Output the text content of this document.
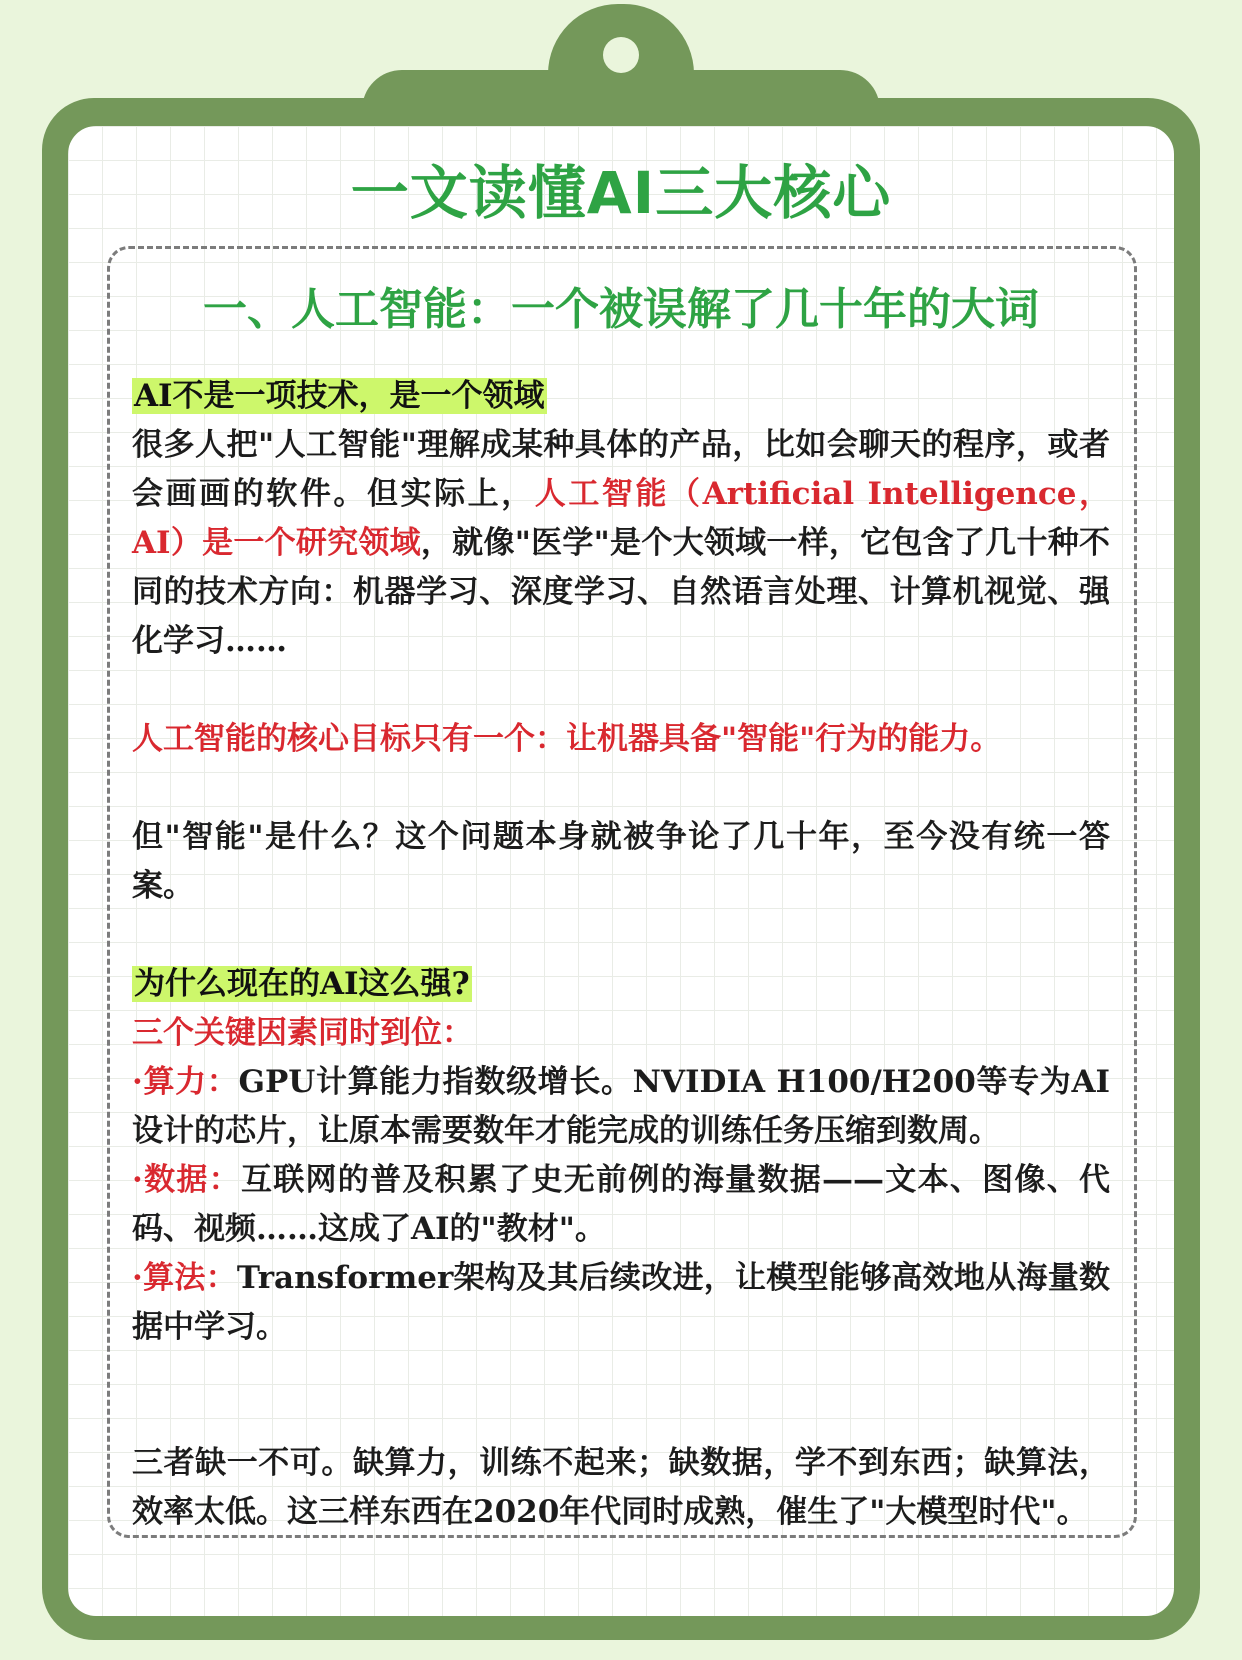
一文读懂AI三大核心
一、人工智能：一个被误解了几十年的大词

AI不是一项技术，是一个领域

很多人把"人工智能"理解成某种具体的产品，比如会聊天的程序，或者会画画的软件。但实际上，人工智能（Artificial Intelligence，AI）是一个研究领域，就像"医学"是个大领域一样，它包含了几十种不同的技术方向：机器学习、深度学习、自然语言处理、计算机视觉、强化学习……

人工智能的核心目标只有一个：让机器具备"智能"行为的能力。

但"智能"是什么？这个问题本身就被争论了几十年，至今没有统一答案。

为什么现在的AI这么强?

三个关键因素同时到位：

·算力：GPU计算能力指数级增长。NVIDIA H100/H200等专为AI设计的芯片，让原本需要数年才能完成的训练任务压缩到数周。

·数据：互联网的普及积累了史无前例的海量数据——文本、图像、代码、视频……这成了AI的"教材"。

·算法：Transformer架构及其后续改进，让模型能够高效地从海量数据中学习。

三者缺一不可。缺算力，训练不起来；缺数据，学不到东西；缺算法，效率太低。这三样东西在2020年代同时成熟，催生了"大模型时代"。
